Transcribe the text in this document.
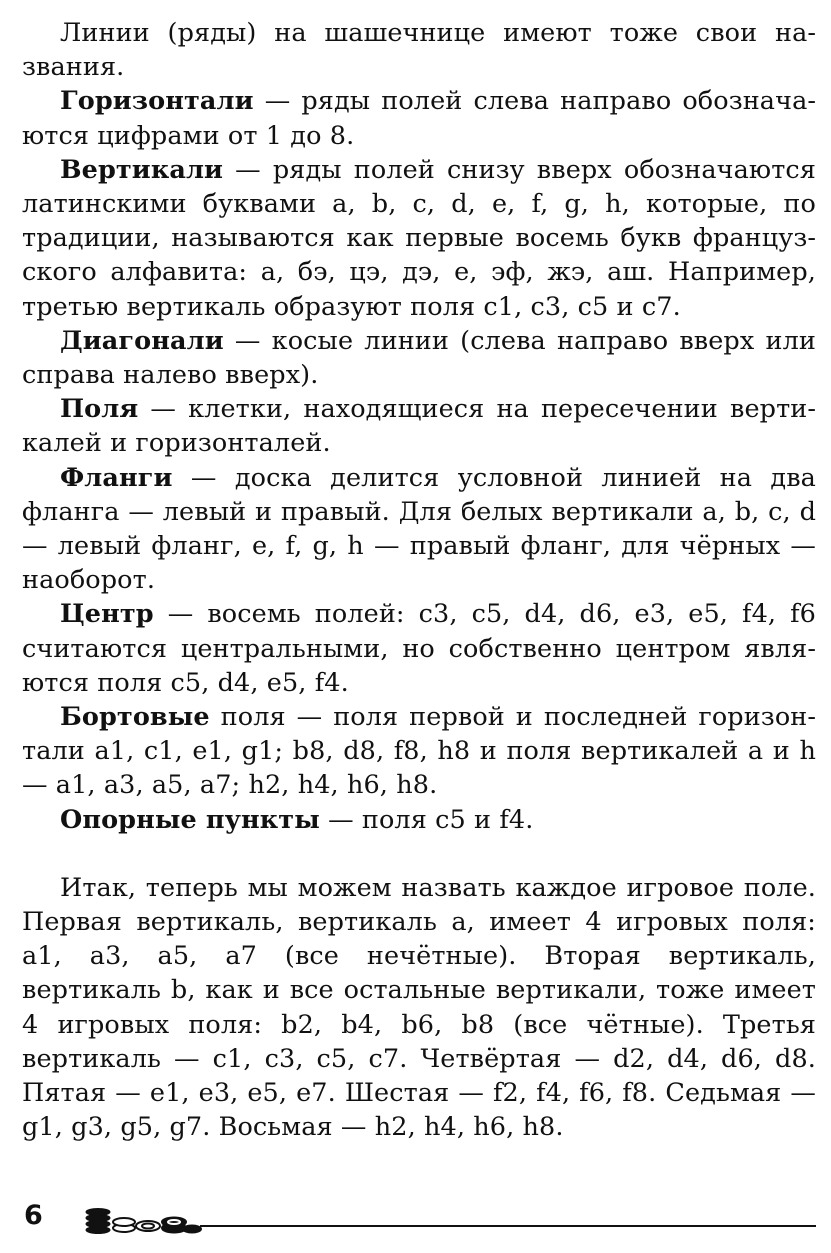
Линии (ряды) на шашечнице имеют тоже свои названия.

Горизонтали — ряды полей слева направо обозначаются цифрами от 1 до 8.

Вертикали — ряды полей снизу вверх обозначаются латинскими буквами a, b, c, d, e, f, g, h, которые, по традиции, называются как первые восемь букв французского алфавита: а, бэ, цэ, дэ, е, эф, жэ, аш. Например, третью вертикаль образуют поля c1, c3, c5 и c7.

Диагонали — косые линии (слева направо вверх или справа налево вверх).

Поля — клетки, находящиеся на пересечении вертикалей и горизонталей.

Фланги — доска делится условной линией на два фланга — левый и правый. Для белых вертикали a, b, c, d — левый фланг, e, f, g, h — правый фланг, для чёрных — наоборот.

Центр — восемь полей: c3, c5, d4, d6, e3, e5, f4, f6 считаются центральными, но собственно центром являются поля c5, d4, e5, f4.

Бортовые поля — поля первой и последней горизонтали a1, c1, e1, g1; b8, d8, f8, h8 и поля вертикалей a и h — a1, a3, a5, a7; h2, h4, h6, h8.

Опорные пункты — поля c5 и f4.

Итак, теперь мы можем назвать каждое игровое поле. Первая вертикаль, вертикаль a, имеет 4 игровых поля: a1, a3, a5, a7 (все нечётные). Вторая вертикаль, вертикаль b, как и все остальные вертикали, тоже имеет 4 игровых поля: b2, b4, b6, b8 (все чётные). Третья вертикаль — c1, c3, c5, c7. Четвёртая — d2, d4, d6, d8. Пятая — e1, e3, e5, e7. Шестая — f2, f4, f6, f8. Седьмая — g1, g3, g5, g7. Восьмая — h2, h4, h6, h8.

6
